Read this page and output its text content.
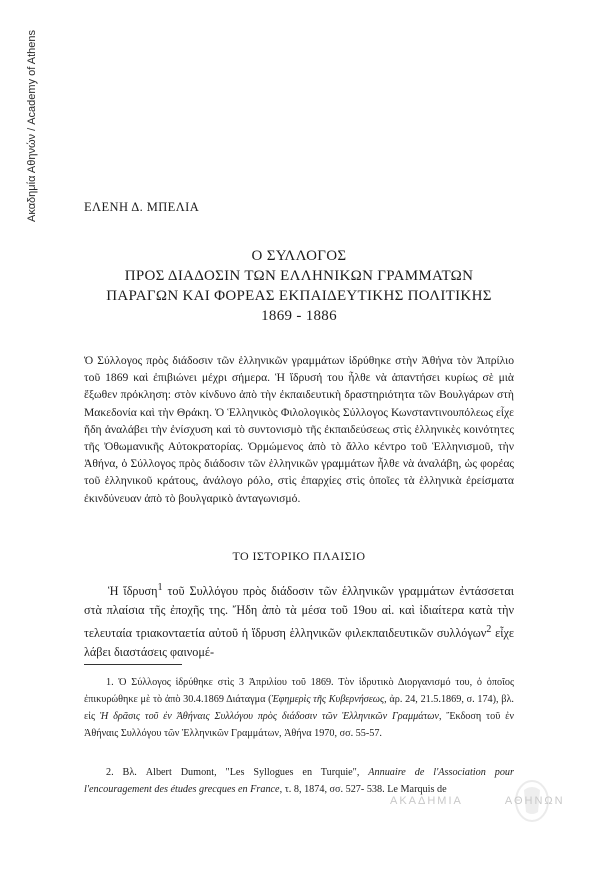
Ακαδημία Αθηνών / Academy of Athens	ΕΛΕΝΗ Δ. ΜΠΕΛΙΑ
Ο ΣΥΛΛΟΓΟΣ
ΠΡΟΣ ΔΙΑΔΟΣΙΝ ΤΩΝ ΕΛΛΗΝΙΚΩΝ ΓΡΑΜΜΑΤΩΝ
ΠΑΡΑΓΩΝ ΚΑΙ ΦΟΡΕΑΣ ΕΚΠΑΙΔΕΥΤΙΚΗΣ ΠΟΛΙΤΙΚΗΣ
1869 - 1886

Ὁ Σύλλογος πρὸς διάδοσιν τῶν ἑλληνικῶν γραμμάτων ἱδρύθηκε στὴν Ἀθήνα τὸν Ἀπρίλιο τοῦ 1869 καὶ ἐπιβιώνει μέχρι σήμερα. Ἡ ἵδρυσή του ἦλθε νὰ ἀπαντήσει κυρίως σὲ μιὰ ἔξωθεν πρόκληση: στὸν κίνδυνο ἀπὸ τὴν ἐκπαιδευτικὴ δραστηριότητα τῶν Βουλγάρων στὴ Μακεδονία καὶ τὴν Θράκη. Ὁ Ἑλληνικὸς Φιλολογικὸς Σύλλογος Κωνσταντινουπόλεως εἶχε ἤδη ἀναλάβει τὴν ἐνίσχυση καὶ τὸ συντονισμὸ τῆς ἐκπαιδεύσεως στὶς ἑλληνικὲς κοινότητες τῆς Ὀθωμανικῆς Αὐτοκρατορίας. Ὁρμώμενος ἀπὸ τὸ ἄλλο κέντρο τοῦ Ἑλληνισμοῦ, τὴν Ἀθήνα, ὁ Σύλλογος πρὸς διάδοσιν τῶν ἑλληνικῶν γραμμάτων ἦλθε νὰ ἀναλάβη, ὡς φορέας τοῦ ἑλληνικοῦ κράτους, ἀνάλογο ρόλο, στὶς ἐπαρχίες στὶς ὁποῖες τὰ ἑλληνικὰ ἐρείσματα ἐκινδύνευαν ἀπὸ τὸ βουλγαρικὸ ἀνταγωνισμό.

ΤΟ ΙΣΤΟΡΙΚΟ ΠΛΑΙΣΙΟ

Ἡ ἵδρυση$^1$ τοῦ Συλλόγου πρὸς διάδοσιν τῶν ἑλληνικῶν γραμμάτων ἐντάσσεται στὰ πλαίσια τῆς ἐποχῆς της. Ἤδη ἀπὸ τὰ μέσα τοῦ 19ου αἰ. καὶ ἰδιαίτερα κατὰ τὴν τελευταία τριακονταετία αὐτοῦ ἡ ἵδρυση ἑλληνικῶν φιλεκπαιδευτικῶν συλλόγων$^2$ εἶχε λάβει διαστάσεις φαινομέ-

1. Ὁ Σύλλογος ἱδρύθηκε στὶς 3 Ἀπριλίου τοῦ 1869. Τὸν ἱδρυτικὸ Διοργανισμό του, ὁ ὁποῖος ἐπικυρώθηκε μὲ τὸ ἀπὸ 30.4.1869 Διάταγμα (Ἐφημερὶς τῆς Κυβερνήσεως, ἀρ. 24, 21.5.1869, σ. 174), βλ. εἰς Ἡ δρᾶσις τοῦ ἐν Ἀθήναις Συλλόγου πρὸς διάδοσιν τῶν Ἑλληνικῶν Γραμμάτων, Ἔκδοση τοῦ ἐν Ἀθήναις Συλλόγου τῶν Ἑλληνικῶν Γραμμάτων, Ἀθήνα 1970, σσ. 55-57.

2. Βλ. Albert Dumont, "Les Syllogues en Turquie", Annuaire de l'Association pour l'encouragement des études grecques en France, τ. 8, 1874, σσ. 527- 538. Le Marquis de

ΑΚΑΔΗΜΙΑ	ΑΘΗΝΩΝ
